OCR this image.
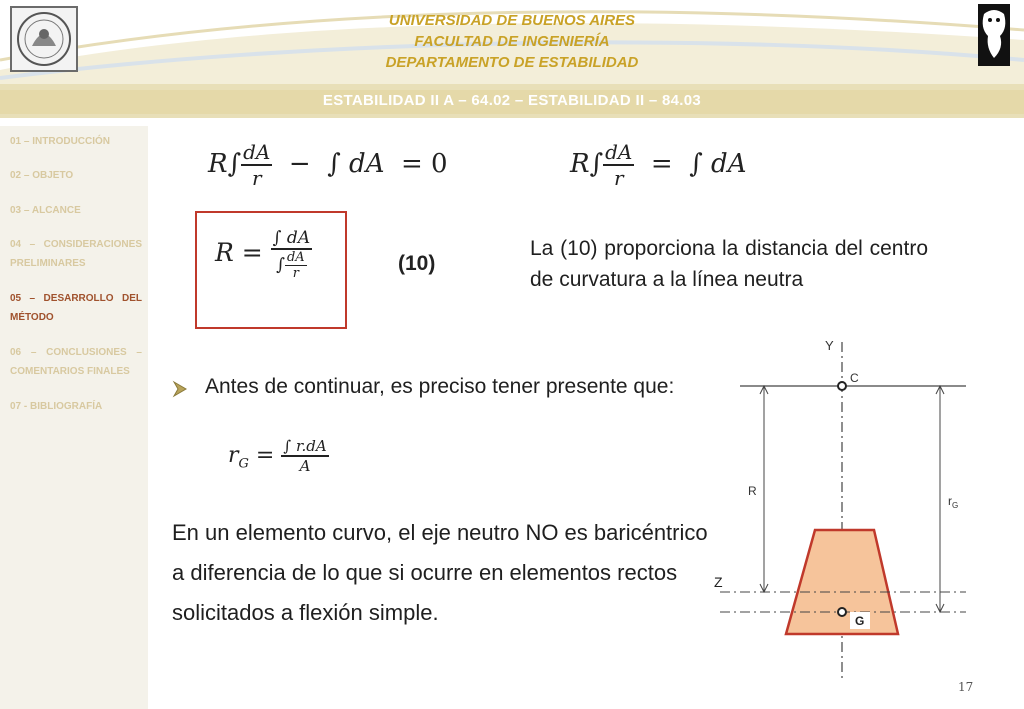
UNIVERSIDAD DE BUENOS AIRES
FACULTAD DE INGENIERÍA
DEPARTAMENTO DE ESTABILIDAD
ESTABILIDAD II A – 64.02 – ESTABILIDAD II – 84.03
01 – INTRODUCCIÓN
02 – OBJETO
03 – ALCANCE
04 – CONSIDERACIONES PRELIMINARES
05 – DESARROLLO DEL MÉTODO
06 – CONCLUSIONES – COMENTARIOS FINALES
07 - BIBLIOGRAFÍA
$R\int \frac{dA}{r}$ −  ∫ dA  = 0	$R\int \frac{dA}{r}$ =  ∫ dA
$R = \frac{\int dA}{\int \frac{dA}{r}}$	(10)
La (10) proporciona la distancia del centro de curvatura a la línea neutra
Antes de continuar, es preciso tener presente que:
$r_G = \frac{\int r.dA}{A}$
En un elemento curvo, el eje neutro NO es baricéntrico
a diferencia de lo que si ocurre en elementos rectos
solicitados a flexión simple.
Y
C
R
$r_G$
Z
G
17
